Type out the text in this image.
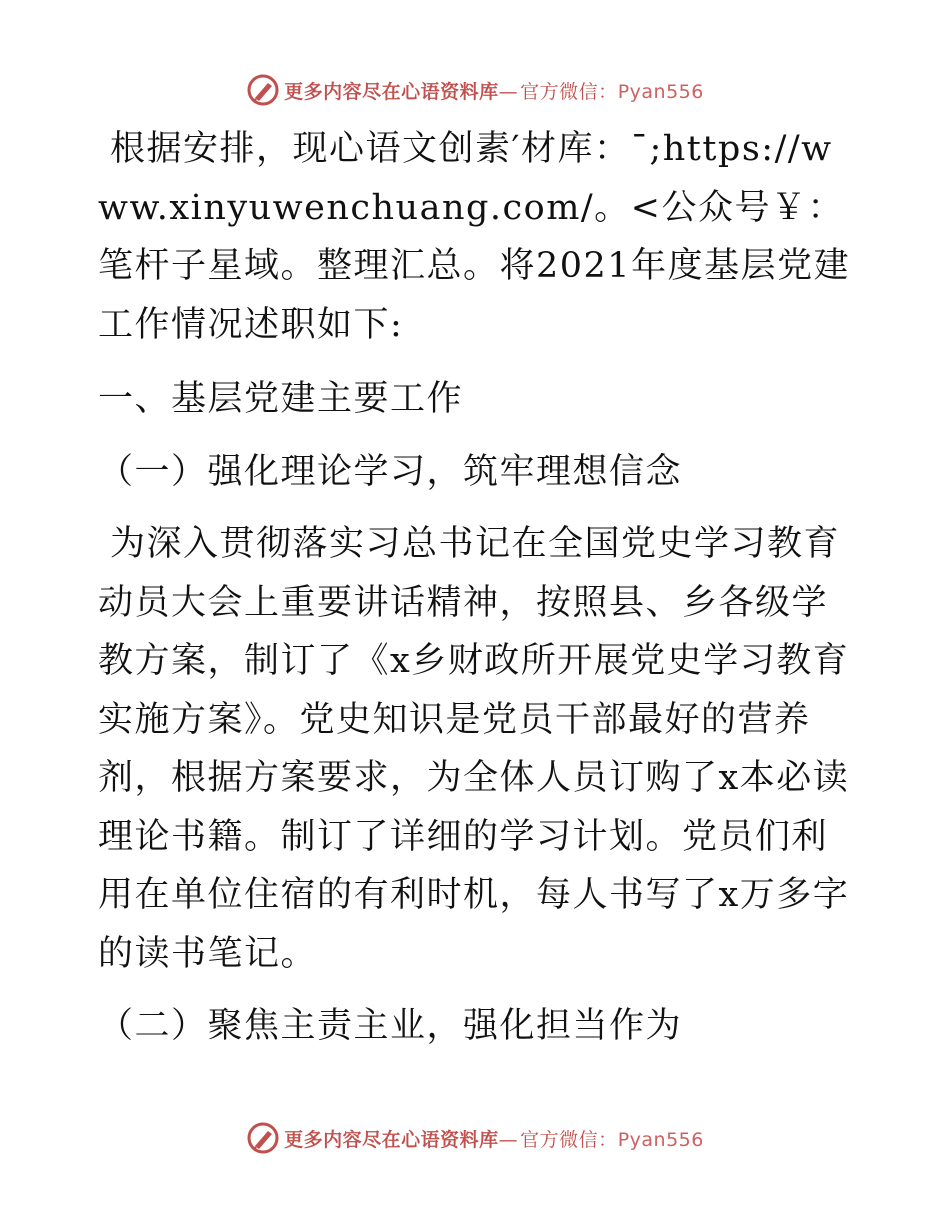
更多内容尽在心语资料库— 官方微信：Pyan556

根据安排，现心语文创素′材库：¯;https://www.xinyuwenchuang.com/。<公众号￥：笔杆子星域。整理汇总。将2021年度基层党建工作情况述职如下:

一、基层党建主要工作

（一）强化理论学习，筑牢理想信念

为深入贯彻落实习总书记在全国党史学习教育动员大会上重要讲话精神，按照县、乡各级学教方案，制订了《x乡财政所开展党史学习教育实施方案》。党史知识是党员干部最好的营养剂，根据方案要求，为全体人员订购了x本必读理论书籍。制订了详细的学习计划。党员们利用在单位住宿的有利时机，每人书写了x万多字的读书笔记。

（二）聚焦主责主业，强化担当作为

更多内容尽在心语资料库— 官方微信：Pyan556
